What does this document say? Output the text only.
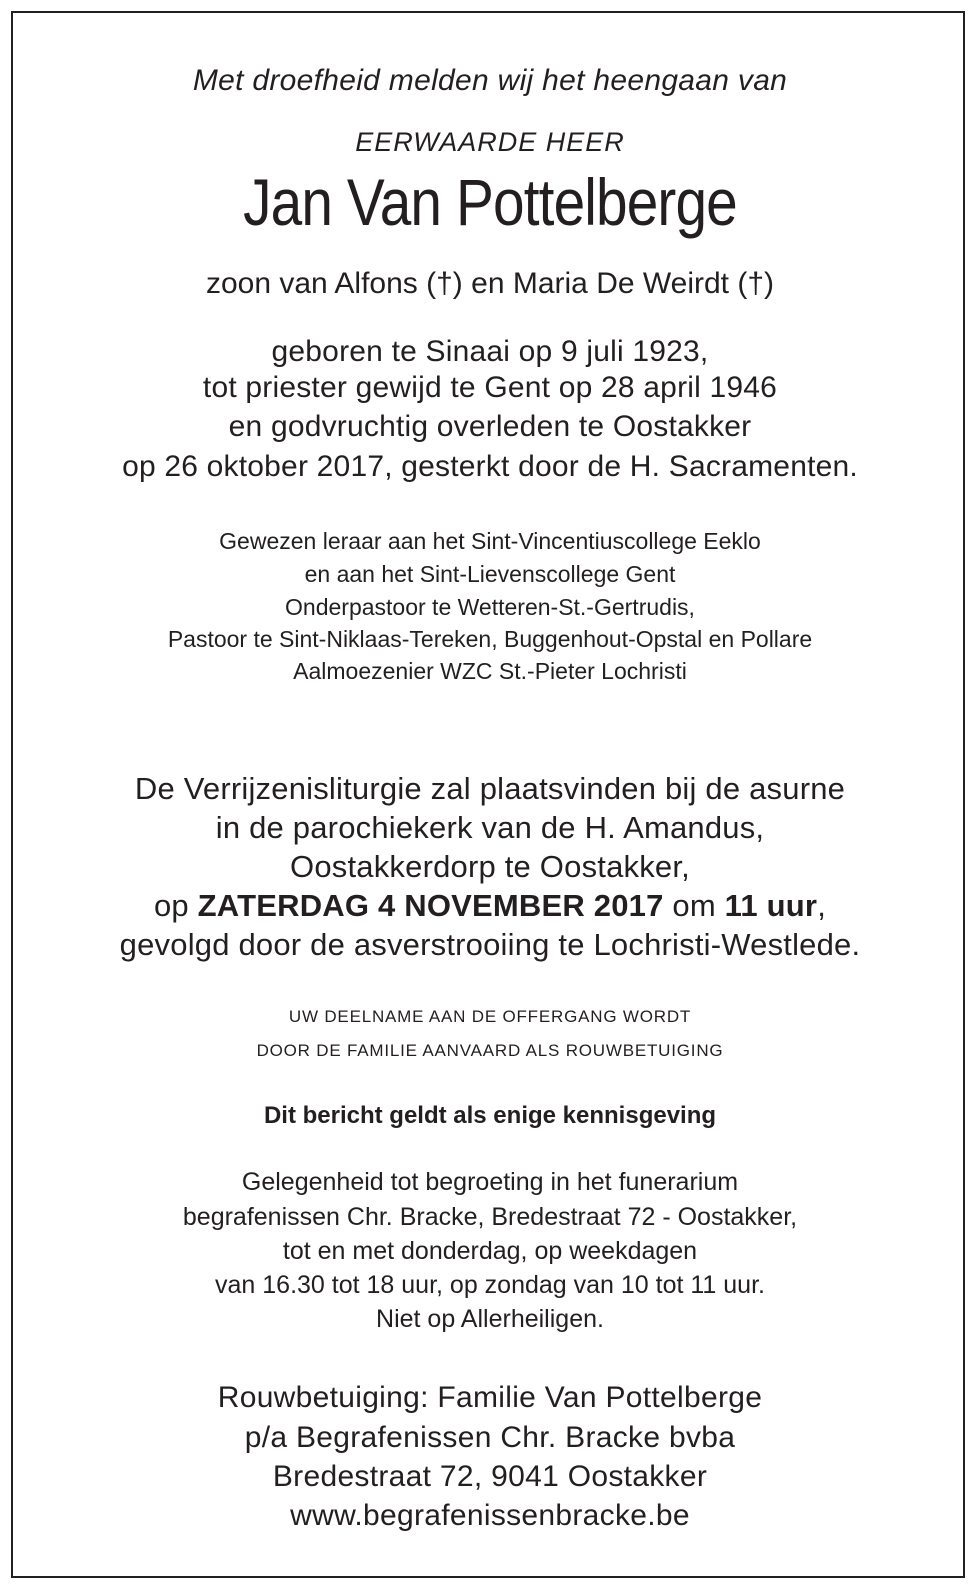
Met droefheid melden wij het heengaan van
EERWAARDE HEER
Jan Van Pottelberge
zoon van Alfons (†) en Maria De Weirdt (†)
geboren te Sinaai op 9 juli 1923,
tot priester gewijd te Gent op 28 april 1946
en godvruchtig overleden te Oostakker
op 26 oktober 2017, gesterkt door de H. Sacramenten.
Gewezen leraar aan het Sint-Vincentiuscollege Eeklo
en aan het Sint-Lievenscollege Gent
Onderpastoor te Wetteren-St.-Gertrudis,
Pastoor te Sint-Niklaas-Tereken, Buggenhout-Opstal en Pollare
Aalmoezenier WZC St.-Pieter Lochristi
De Verrijzenisliturgie zal plaatsvinden bij de asurne
in de parochiekerk van de H. Amandus,
Oostakkerdorp te Oostakker,
op ZATERDAG 4 NOVEMBER 2017 om 11 uur,
gevolgd door de asverstrooiing te Lochristi-Westlede.
UW DEELNAME AAN DE OFFERGANG WORDT
DOOR DE FAMILIE AANVAARD ALS ROUWBETUIGING
Dit bericht geldt als enige kennisgeving
Gelegenheid tot begroeting in het funerarium
begrafenissen Chr. Bracke, Bredestraat 72 - Oostakker,
tot en met donderdag, op weekdagen
van 16.30 tot 18 uur, op zondag van 10 tot 11 uur.
Niet op Allerheiligen.
Rouwbetuiging: Familie Van Pottelberge
p/a Begrafenissen Chr. Bracke bvba
Bredestraat 72, 9041 Oostakker
www.begrafenissenbracke.be
